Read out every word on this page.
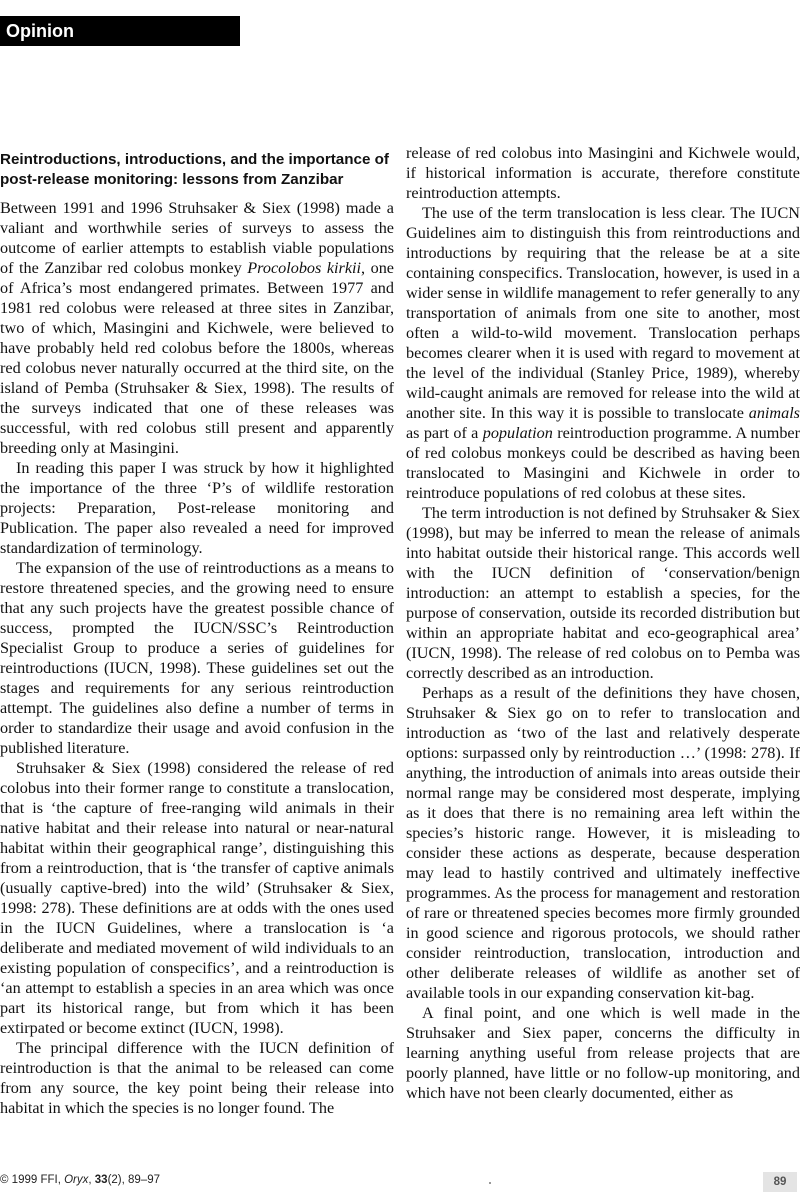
Opinion
Reintroductions, introductions, and the importance of post-release monitoring: lessons from Zanzibar

Between 1991 and 1996 Struhsaker & Siex (1998) made a valiant and worthwhile series of surveys to assess the outcome of earlier attempts to establish viable populations of the Zanzibar red colobus monkey Procolobos kirkii, one of Africa’s most endangered primates. Between 1977 and 1981 red colobus were released at three sites in Zanzibar, two of which, Masingini and Kichwele, were believed to have probably held red colobus before the 1800s, whereas red colobus never naturally occurred at the third site, on the island of Pemba (Struhsaker & Siex, 1998). The results of the surveys indicated that one of these releases was successful, with red colobus still present and apparently breeding only at Masingini.

In reading this paper I was struck by how it highlighted the importance of the three ‘P’s of wildlife restoration projects: Preparation, Post-release monitoring and Publication. The paper also revealed a need for improved standardization of terminology.

The expansion of the use of reintroductions as a means to restore threatened species, and the growing need to ensure that any such projects have the greatest possible chance of success, prompted the IUCN/SSC’s Reintroduction Specialist Group to produce a series of guidelines for reintroductions (IUCN, 1998). These guidelines set out the stages and requirements for any serious reintroduction attempt. The guidelines also define a number of terms in order to standardize their usage and avoid confusion in the published literature.

Struhsaker & Siex (1998) considered the release of red colobus into their former range to constitute a translocation, that is ‘the capture of free-ranging wild animals in their native habitat and their release into natural or near-natural habitat within their geographical range’, distinguishing this from a reintroduction, that is ‘the transfer of captive animals (usually captive-bred) into the wild’ (Struhsaker & Siex, 1998: 278). These definitions are at odds with the ones used in the IUCN Guidelines, where a translocation is ‘a deliberate and mediated movement of wild individuals to an existing population of conspecifics’, and a reintroduction is ‘an attempt to establish a species in an area which was once part its historical range, but from which it has been extirpated or become extinct (IUCN, 1998).

The principal difference with the IUCN definition of reintroduction is that the animal to be released can come from any source, the key point being their release into habitat in which the species is no longer found. The

release of red colobus into Masingini and Kichwele would, if historical information is accurate, therefore constitute reintroduction attempts.

The use of the term translocation is less clear. The IUCN Guidelines aim to distinguish this from reintroductions and introductions by requiring that the release be at a site containing conspecifics. Translocation, however, is used in a wider sense in wildlife management to refer generally to any transportation of animals from one site to another, most often a wild-to-wild movement. Translocation perhaps becomes clearer when it is used with regard to movement at the level of the individual (Stanley Price, 1989), whereby wild-caught animals are removed for release into the wild at another site. In this way it is possible to translocate animals as part of a population reintroduction programme. A number of red colobus monkeys could be described as having been translocated to Masingini and Kichwele in order to reintroduce populations of red colobus at these sites.

The term introduction is not defined by Struhsaker & Siex (1998), but may be inferred to mean the release of animals into habitat outside their historical range. This accords well with the IUCN definition of ‘conservation/benign introduction: an attempt to establish a species, for the purpose of conservation, outside its recorded distribution but within an appropriate habitat and eco-geographical area’ (IUCN, 1998). The release of red colobus on to Pemba was correctly described as an introduction.

Perhaps as a result of the definitions they have chosen, Struhsaker & Siex go on to refer to translocation and introduction as ‘two of the last and relatively desperate options: surpassed only by reintroduction …’ (1998: 278). If anything, the introduction of animals into areas outside their normal range may be considered most desperate, implying as it does that there is no remaining area left within the species’s historic range. However, it is misleading to consider these actions as desperate, because desperation may lead to hastily contrived and ultimately ineffective programmes. As the process for management and restoration of rare or threatened species becomes more firmly grounded in good science and rigorous protocols, we should rather consider reintroduction, translocation, introduction and other deliberate releases of wildlife as another set of available tools in our expanding conservation kit-bag.

A final point, and one which is well made in the Struhsaker and Siex paper, concerns the difficulty in learning anything useful from release projects that are poorly planned, have little or no follow-up monitoring, and which have not been clearly documented, either as

© 1999 FFI, Oryx, 33(2), 89–97	89
